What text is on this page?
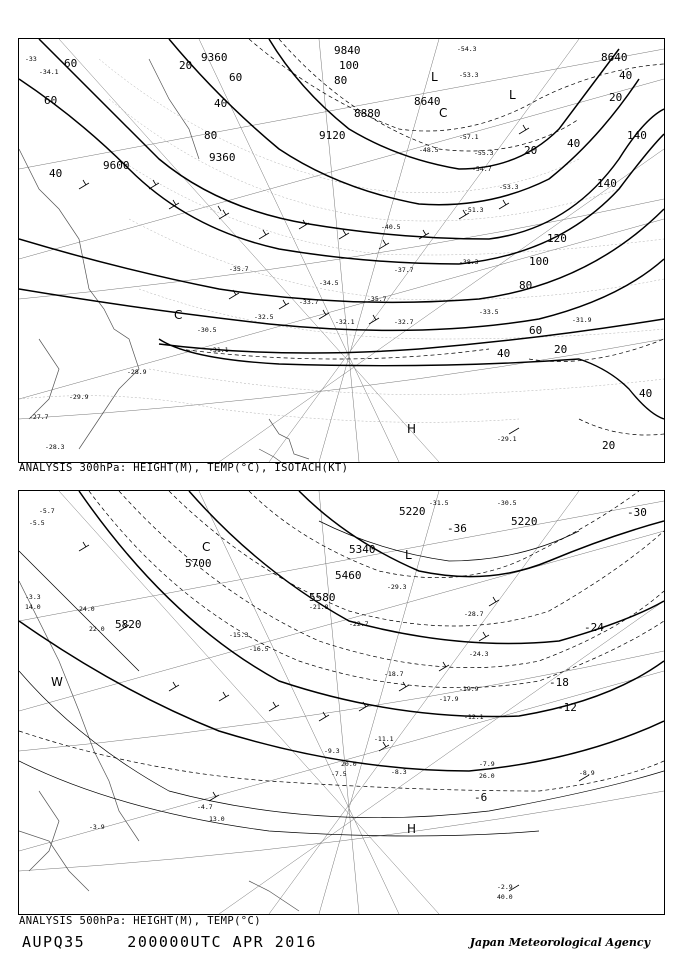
9360
9120
9600
9360
8880
8640
8640
9840
60
40
60
80
100
120
140
140
100
80
60
40	20
20
40
20
40
20
40
60
80
40
20
-33
-34.1
-35.7
-33.7
-32.7
-33.5
-31.9
-31.1
-30.5
-28.9
-29.9
-27.7
-28.3
-29.1
-32.1
-32.5
-34.5
-37.7
-35.7
-38.3
-40.5
-48.5
-51.3
-54.7
-53.3
-55.3
-57.1
-54.3
-53.3
L
L
C
C
H
ANALYSIS 300hPa: HEIGHT(M), TEMP(°C), ISOTACH(KT)
5700
5820
5580
5460
5340
5220
5220	-30
-24
-18
-12
-6
-36
-11.1
-12.1
-8.3
-9.3
-7.9
-8.9
-7.5
-21.8
-28.7
-29.3
-31.5	-30.5
-3.3
-3.9
-2.9
-4.7
-5.5
-5.7
-17.9
-19.9
-16.5
-15.3
-24.3
-22.7
-18.7
20.0
26.0
24.0
22.0
13.0
14.0
40.0
L
C
W
H
ANALYSIS 500hPa: HEIGHT(M), TEMP(°C)
AUPQ35    200000UTC APR 2016	Japan Meteorological Agency
